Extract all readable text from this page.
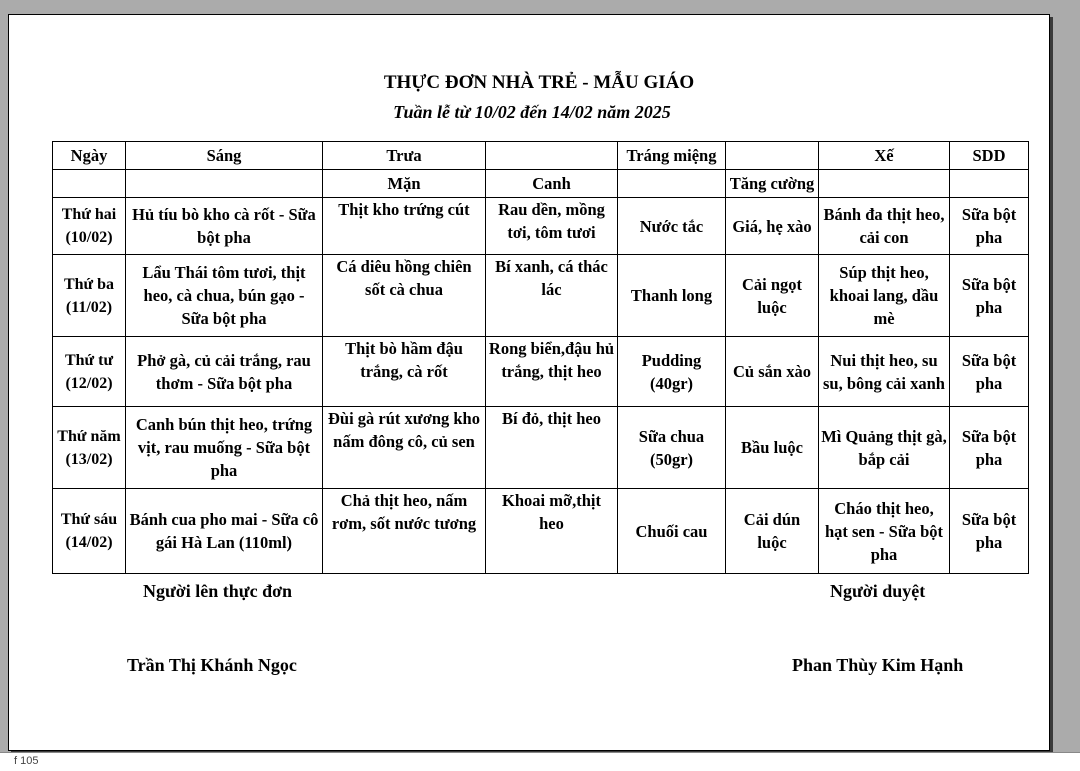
THỰC ĐƠN NHÀ TRẺ - MẪU GIÁO
Tuần lễ từ 10/02 đến 14/02 năm 2025
Ngày	Sáng	Trưa		Tráng miệng		Xế	SDD
		Mặn	Canh		Tăng cường		
Thứ hai (10/02)	Hủ tíu bò kho cà rốt - Sữa bột pha	Thịt kho trứng cút	Rau dền, mồng tơi, tôm tươi	Nước tắc	Giá, hẹ xào	Bánh đa thịt heo, cải con	Sữa bột pha
Thứ ba (11/02)	Lẩu Thái tôm tươi, thịt heo, cà chua, bún gạo - Sữa bột pha	Cá diêu hồng chiên sốt cà chua	Bí xanh, cá thác lác	Thanh long	Cải ngọt luộc	Súp thịt heo, khoai lang, dầu mè	Sữa bột pha
Thứ tư (12/02)	Phở gà, củ cải trắng, rau thơm - Sữa bột pha	Thịt bò hầm đậu trắng, cà rốt	Rong biển,đậu hủ trắng, thịt heo	Pudding (40gr)	Củ sắn xào	Nui thịt heo, su su, bông cải xanh	Sữa bột pha
Thứ năm (13/02)	Canh bún thịt heo, trứng vịt, rau muống - Sữa bột pha	Đùi gà rút xương kho nấm đông cô, củ sen	Bí đỏ, thịt heo	Sữa chua (50gr)	Bầu luộc	Mì Quảng thịt gà, bắp cải	Sữa bột pha
Thứ sáu (14/02)	Bánh cua pho mai - Sữa cô gái Hà Lan (110ml)	Chả thịt heo, nấm rơm, sốt nước tương	Khoai mỡ,thịt heo	Chuối cau	Cải dún luộc	Cháo thịt heo, hạt sen - Sữa bột pha	Sữa bột pha
Người lên thực đơn	Người duyệt
Trần Thị Khánh Ngọc	Phan Thùy Kim Hạnh
f 105
